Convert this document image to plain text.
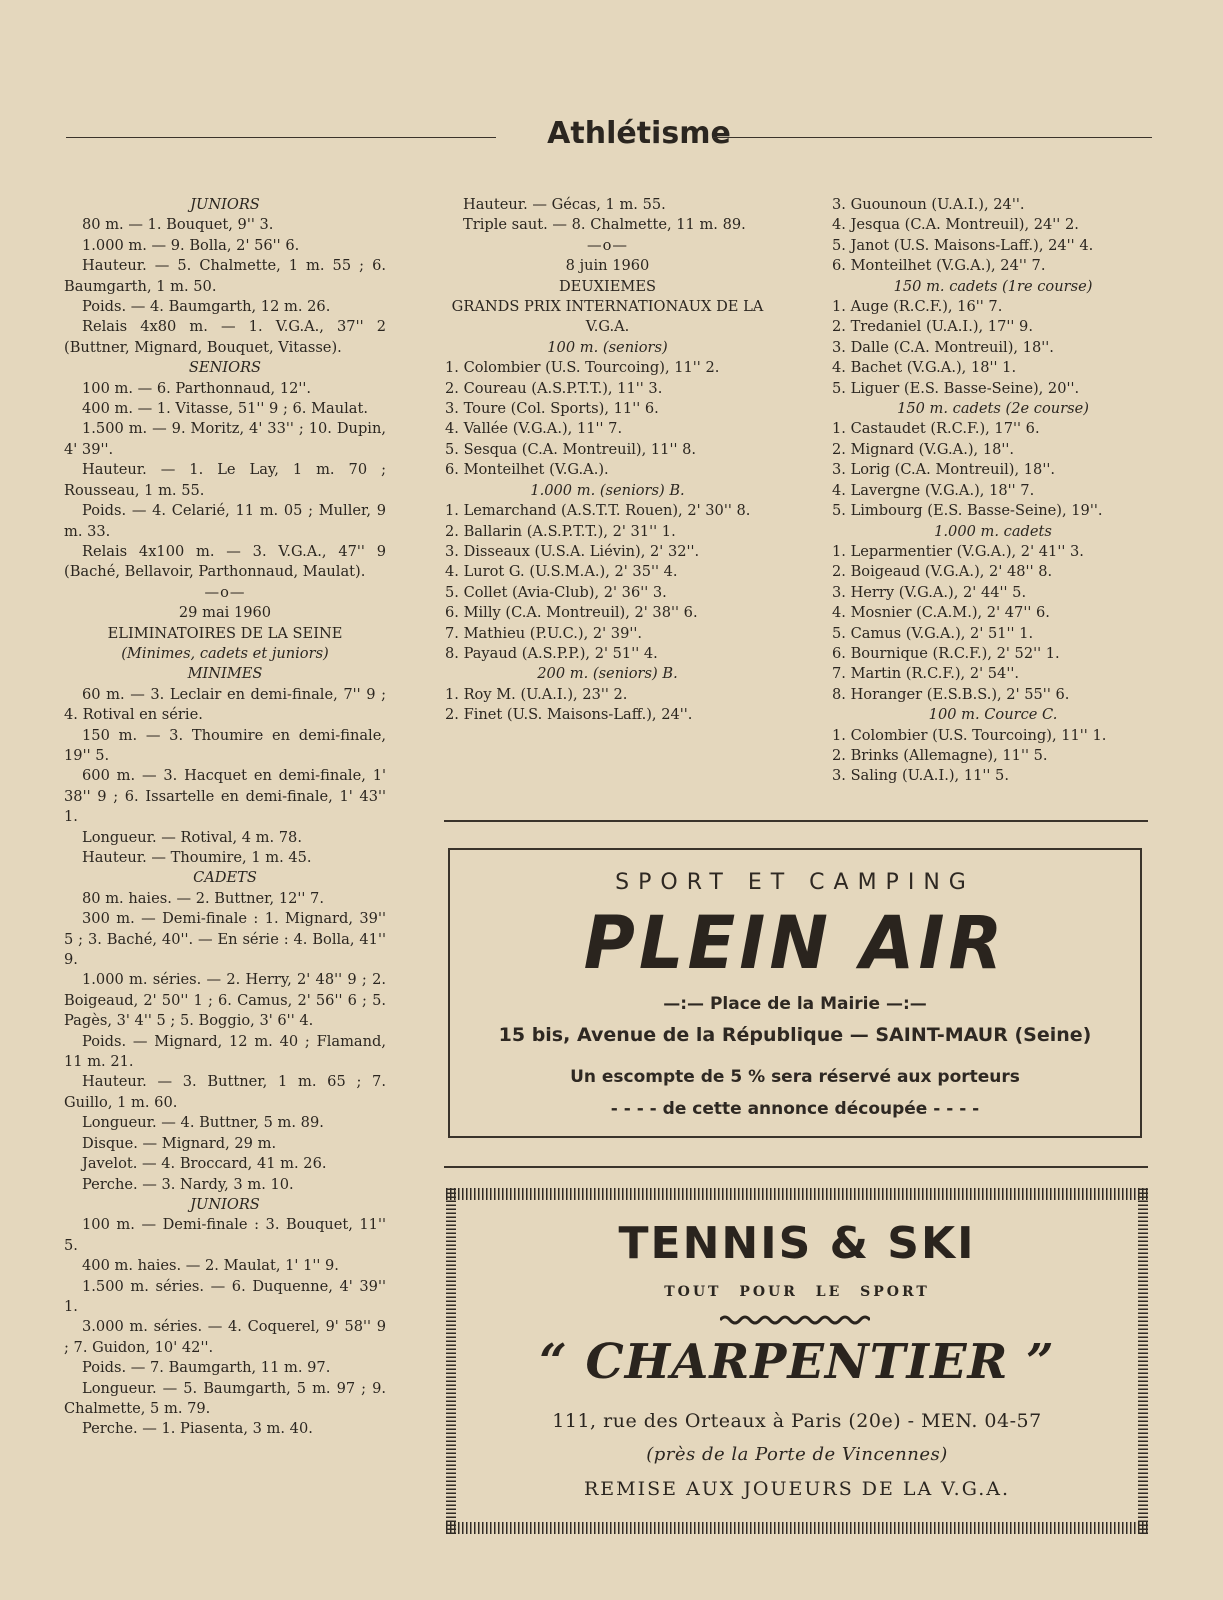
Athlétisme

JUNIORS

80 m. — 1. Bouquet, 9'' 3.

1.000 m. — 9. Bolla, 2' 56'' 6.

Hauteur. — 5. Chalmette, 1 m. 55 ; 6. Baumgarth, 1 m. 50.

Poids. — 4. Baumgarth, 12 m. 26.

Relais 4x80 m. — 1. V.G.A., 37'' 2 (Buttner, Mignard, Bouquet, Vitasse).

SENIORS

100 m. — 6. Parthonnaud, 12''.

400 m. — 1. Vitasse, 51'' 9 ; 6. Maulat.

1.500 m. — 9. Moritz, 4' 33'' ; 10. Dupin, 4' 39''.

Hauteur. — 1. Le Lay, 1 m. 70 ; Rousseau, 1 m. 55.

Poids. — 4. Celarié, 11 m. 05 ; Muller, 9 m. 33.

Relais 4x100 m. — 3. V.G.A., 47'' 9 (Baché, Bellavoir, Parthonnaud, Maulat).

—o—

29 mai 1960

ELIMINATOIRES DE LA SEINE

(Minimes, cadets et juniors)

MINIMES

60 m. — 3. Leclair en demi-finale, 7'' 9 ; 4. Rotival en série.

150 m. — 3. Thoumire en demi-finale, 19'' 5.

600 m. — 3. Hacquet en demi-finale, 1' 38'' 9 ; 6. Issartelle en demi-finale, 1' 43'' 1.

Longueur. — Rotival, 4 m. 78.

Hauteur. — Thoumire, 1 m. 45.

CADETS

80 m. haies. — 2. Buttner, 12'' 7.

300 m. — Demi-finale : 1. Mignard, 39'' 5 ; 3. Baché, 40''. — En série : 4. Bolla, 41'' 9.

1.000 m. séries. — 2. Herry, 2' 48'' 9 ; 2. Boigeaud, 2' 50'' 1 ; 6. Camus, 2' 56'' 6 ; 5. Pagès, 3' 4'' 5 ; 5. Boggio, 3' 6'' 4.

Poids. — Mignard, 12 m. 40 ; Flamand, 11 m. 21.

Hauteur. — 3. Buttner, 1 m. 65 ; 7. Guillo, 1 m. 60.

Longueur. — 4. Buttner, 5 m. 89.

Disque. — Mignard, 29 m.

Javelot. — 4. Broccard, 41 m. 26.

Perche. — 3. Nardy, 3 m. 10.

JUNIORS

100 m. — Demi-finale : 3. Bouquet, 11'' 5.

400 m. haies. — 2. Maulat, 1' 1'' 9.

1.500 m. séries. — 6. Duquenne, 4' 39'' 1.

3.000 m. séries. — 4. Coquerel, 9' 58'' 9 ; 7. Guidon, 10' 42''.

Poids. — 7. Baumgarth, 11 m. 97.

Longueur. — 5. Baumgarth, 5 m. 97 ; 9. Chalmette, 5 m. 79.

Perche. — 1. Piasenta, 3 m. 40.

Hauteur. — Gécas, 1 m. 55.

Triple saut. — 8. Chalmette, 11 m. 89.

—o—

8 juin 1960

DEUXIEMES

GRANDS PRIX INTERNATIONAUX DE LA V.G.A.

100 m. (seniors)

1. Colombier (U.S. Tourcoing), 11'' 2.

2. Coureau (A.S.P.T.T.), 11'' 3.

3. Toure (Col. Sports), 11'' 6.

4. Vallée (V.G.A.), 11'' 7.

5. Sesqua (C.A. Montreuil), 11'' 8.

6. Monteilhet (V.G.A.).

1.000 m. (seniors) B.

1. Lemarchand (A.S.T.T. Rouen), 2' 30'' 8.

2. Ballarin (A.S.P.T.T.), 2' 31'' 1.

3. Disseaux (U.S.A. Liévin), 2' 32''.

4. Lurot G. (U.S.M.A.), 2' 35'' 4.

5. Collet (Avia-Club), 2' 36'' 3.

6. Milly (C.A. Montreuil), 2' 38'' 6.

7. Mathieu (P.U.C.), 2' 39''.

8. Payaud (A.S.P.P.), 2' 51'' 4.

200 m. (seniors) B.

1. Roy M. (U.A.I.), 23'' 2.

2. Finet (U.S. Maisons-Laff.), 24''.

3. Guounoun (U.A.I.), 24''.

4. Jesqua (C.A. Montreuil), 24'' 2.

5. Janot (U.S. Maisons-Laff.), 24'' 4.

6. Monteilhet (V.G.A.), 24'' 7.

150 m. cadets (1re course)

1. Auge (R.C.F.), 16'' 7.

2. Tredaniel (U.A.I.), 17'' 9.

3. Dalle (C.A. Montreuil), 18''.

4. Bachet (V.G.A.), 18'' 1.

5. Liguer (E.S. Basse-Seine), 20''.

150 m. cadets (2e course)

1. Castaudet (R.C.F.), 17'' 6.

2. Mignard (V.G.A.), 18''.

3. Lorig (C.A. Montreuil), 18''.

4. Lavergne (V.G.A.), 18'' 7.

5. Limbourg (E.S. Basse-Seine), 19''.

1.000 m. cadets

1. Leparmentier (V.G.A.), 2' 41'' 3.

2. Boigeaud (V.G.A.), 2' 48'' 8.

3. Herry (V.G.A.), 2' 44'' 5.

4. Mosnier (C.A.M.), 2' 47'' 6.

5. Camus (V.G.A.), 2' 51'' 1.

6. Bournique (R.C.F.), 2' 52'' 1.

7. Martin (R.C.F.), 2' 54''.

8. Horanger (E.S.B.S.), 2' 55'' 6.

100 m. Cource C.

1. Colombier (U.S. Tourcoing), 11'' 1.

2. Brinks (Allemagne), 11'' 5.

3. Saling (U.A.I.), 11'' 5.

SPORT ET CAMPING
PLEIN AIR
—:— Place de la Mairie —:—
15 bis, Avenue de la République — SAINT-MAUR (Seine)
Un escompte de 5 % sera réservé aux porteurs
- - - - de cette annonce découpée - - - -
TENNIS & SKI
TOUT POUR LE SPORT
“ CHARPENTIER ”
111, rue des Orteaux à Paris (20e) - MEN. 04-57
(près de la Porte de Vincennes)
REMISE AUX JOUEURS DE LA V.G.A.
